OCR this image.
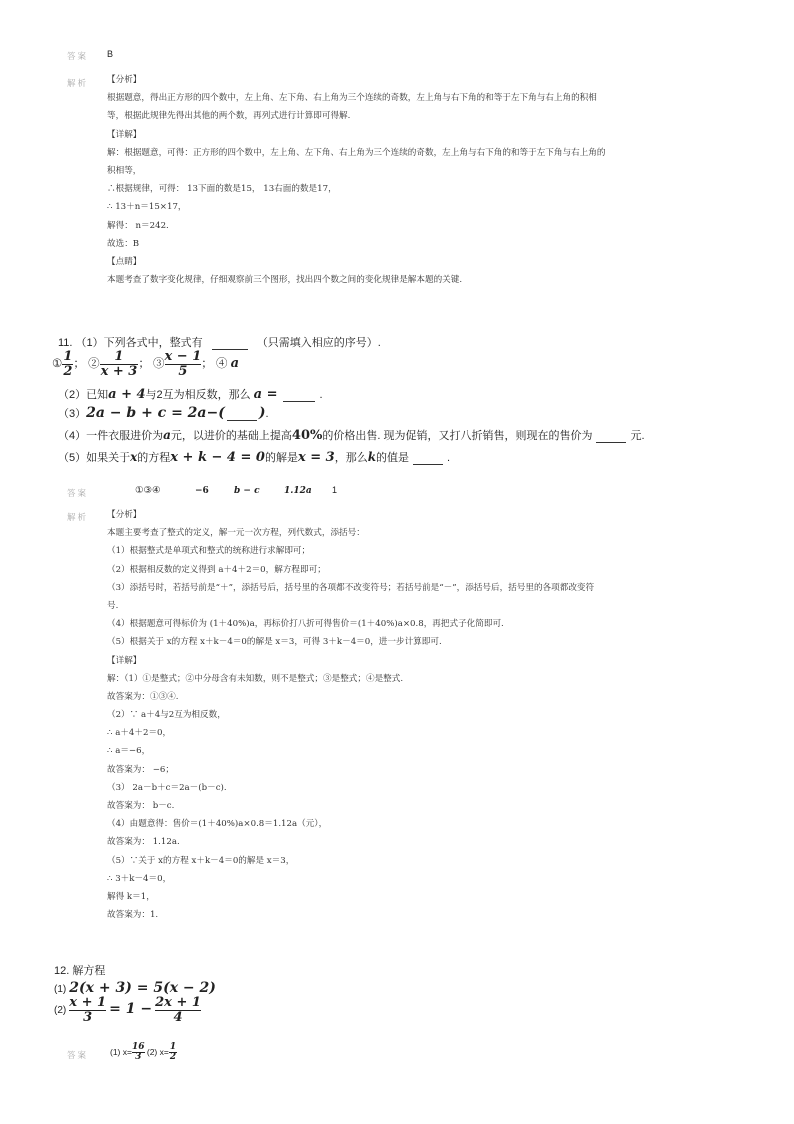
答案 B
解析 【分析】
根据题意，得出正方形的四个数中，左上角、左下角、右上角为三个连续的奇数，左上角与右下角的和等于左下角与右上角的积相
等，根据此规律先得出其他的两个数，再列式进行计算即可得解.
【详解】
解：根据题意，可得：正方形的四个数中，左上角、左下角、右上角为三个连续的奇数，左上角与右下角的和等于左下角与右上角的
积相等，
∴根据规律，可得： 13下面的数是15， 13右面的数是17，
∴ 13＋n＝15×17，
解得： n＝242.
故选：B
【点睛】
本题考查了数字变化规律，仔细观察前三个图形，找出四个数之间的变化规律是解本题的关键.
11. （1）下列各式中，整式有	（只需填入相应的序号）.
① $\frac{1}{2}$ ； ② $\frac{1}{x + 3}$ ； ③ $\frac{x - 1}{5}$ ； ④ a
（2）已知a + 4与2互为相反数，那么 a =	.
（3）2a − b + c = 2a−( ).
（4）一件衣服进价为a元，以进价的基础上提高40%的价格出售. 现为促销，又打八折销售，则现在的售价为	元.
（5）如果关于x的方程x + k − 4 = 0的解是x = 3，那么k的值是	.
答案	①③④	−6	b − c	1.12a 1
解析 【分析】
本题主要考查了整式的定义，解一元一次方程，列代数式，添括号：
（1）根据整式是单项式和整式的统称进行求解即可；
（2）根据相反数的定义得到 a＋4＋2＝0，解方程即可；
（3）添括号时，若括号前是“＋”，添括号后，括号里的各项都不改变符号；若括号前是“－”，添括号后，括号里的各项都改变符
号.
（4）根据题意可得标价为 (1＋40%)a，再标价打八折可得售价＝(1＋40%)a×0.8，再把式子化简即可.
（5）根据关于 x的方程 x＋k－4＝0的解是 x＝3，可得 3＋k－4＝0，进一步计算即可.
【详解】
解：（1）①是整式；②中分母含有未知数，则不是整式；③是整式；④是整式.
故答案为：①③④.
（2）∵ a＋4与2互为相反数，
∴ a＋4＋2＝0，
∴ a＝−6，
故答案为： −6；
（3） 2a－b＋c＝2a－(b－c).
故答案为： b－c.
（4）由题意得：售价＝(1＋40%)a×0.8＝1.12a（元），
故答案为： 1.12a.
（5）∵关于 x的方程 x＋k－4＝0的解是 x＝3，
∴ 3＋k－4＝0，
解得 k＝1，
故答案为：1.
12. 解方程
(1) 2(x + 3) = 5(x − 2)
$(2) \frac{x + 1}{3} = 1 - \frac{2x + 1}{4}$
答案	(1) $x= \frac{16}{3} (2)$ $x= \frac{1}{2}$
